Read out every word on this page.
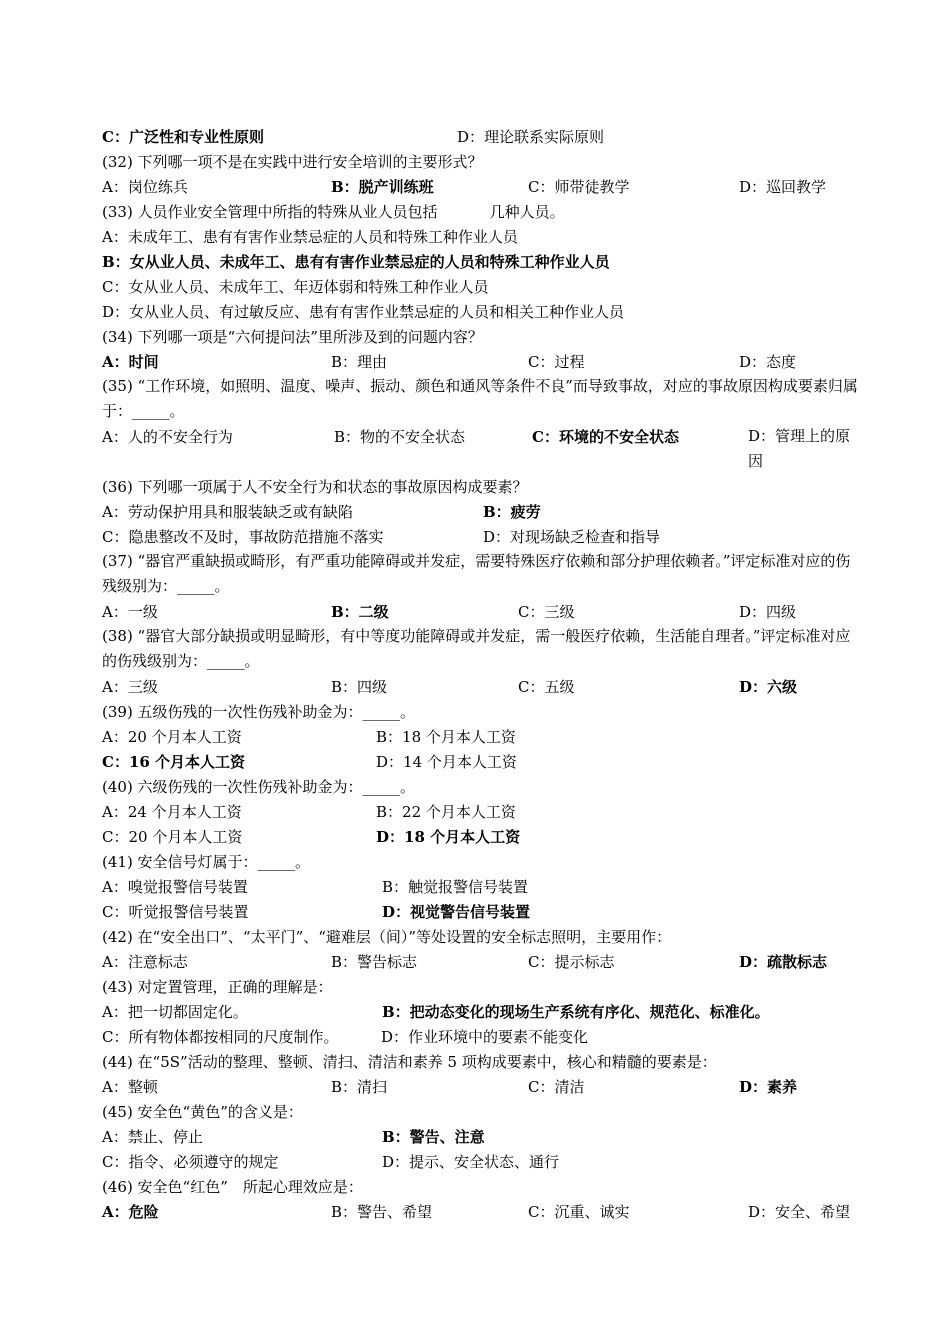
C：广泛性和专业性原则	D：理论联系实际原则
(32) 下列哪一项不是在实践中进行安全培训的主要形式？
A：岗位练兵	B：脱产训练班	C：师带徒教学	D：巡回教学
(33) 人员作业安全管理中所指的特殊从业人员包括	几种人员。
A：未成年工、患有有害作业禁忌症的人员和特殊工种作业人员
B：女从业人员、未成年工、患有有害作业禁忌症的人员和特殊工种作业人员
C：女从业人员、未成年工、年迈体弱和特殊工种作业人员
D：女从业人员、有过敏反应、患有有害作业禁忌症的人员和相关工种作业人员
(34) 下列哪一项是“六何提问法”里所涉及到的问题内容？
A：时间	B：理由	C：过程	D：态度
(35) “工作环境，如照明、温度、噪声、振动、颜色和通风等条件不良”而导致事故，对应的事故原因构成要素归属于：_____。
A：人的不安全行为	B：物的不安全状态	C：环境的不安全状态	D：管理上的原因
(36) 下列哪一项属于人不安全行为和状态的事故原因构成要素？
A：劳动保护用具和服装缺乏或有缺陷	B：疲劳
C：隐患整改不及时，事故防范措施不落实	D：对现场缺乏检查和指导
(37) “器官严重缺损或畸形，有严重功能障碍或并发症，需要特殊医疗依赖和部分护理依赖者。”评定标准对应的伤残级别为：_____。
A：一级	B：二级	C：三级	D：四级
(38) “器官大部分缺损或明显畸形，有中等度功能障碍或并发症，需一般医疗依赖，生活能自理者。”评定标准对应的伤残级别为：_____。
A：三级	B：四级	C：五级	D：六级
(39) 五级伤残的一次性伤残补助金为：_____。
A：20 个月本人工资	B：18 个月本人工资
C：16 个月本人工资	D：14 个月本人工资
(40) 六级伤残的一次性伤残补助金为：_____。
A：24 个月本人工资	B：22 个月本人工资
C：20 个月本人工资	D：18 个月本人工资
(41) 安全信号灯属于：_____。
A：嗅觉报警信号装置	B：触觉报警信号装置
C：听觉报警信号装置	D：视觉警告信号装置
(42) 在“安全出口”、“太平门”、“避难层（间）”等处设置的安全标志照明，主要用作：
A：注意标志	B：警告标志	C：提示标志	D：疏散标志
(43) 对定置管理，正确的理解是：
A：把一切都固定化。	B：把动态变化的现场生产系统有序化、规范化、标准化。
C：所有物体都按相同的尺度制作。	D：作业环境中的要素不能变化
(44) 在“5S”活动的整理、整顿、清扫、清洁和素养 5 项构成要素中，核心和精髓的要素是：
A：整顿	B：清扫	C：清洁	D：素养
(45) 安全色“黄色”的含义是：
A：禁止、停止	B：警告、注意
C：指令、必须遵守的规定	D：提示、安全状态、通行
(46) 安全色“红色”　所起心理效应是：
A：危险	B：警告、希望	C：沉重、诚实	D：安全、希望
